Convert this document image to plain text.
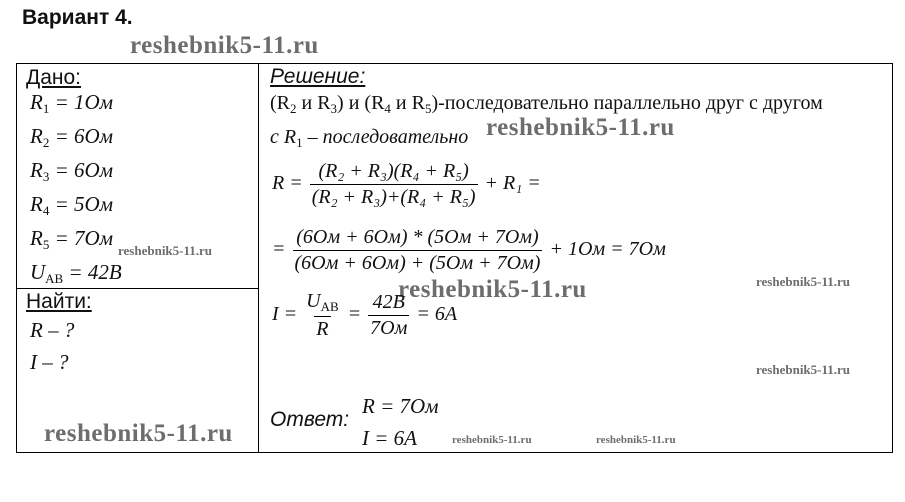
Вариант 4.
reshebnik5-11.ru
reshebnik5-11.ru
reshebnik5-11.ru
reshebnik5-11.ru
reshebnik5-11.ru
reshebnik5-11.ru
reshebnik5-11.ru
reshebnik5-11.ru	reshebnik5-11.ru
Дано:
$R_1 = 1Ом$
$R_2 = 6Ом$
$R_3 = 6Ом$
$R_4 = 5Ом$
$R_5 = 7Ом$
$U_{AB} = 42B$
Найти:
R – ?
I – ?
Решение:
($R_2$ и $R_3$) и ($R_4$ и $R_5$)-последовательно параллельно друг с другом
с $R_1$ – последовательно
$R = \frac{\text{(R₂ + R₃)(R₄ + R₅)}}{\text{(R₂ + R₃)+(R₄ + R₅)}} + R_1$ =
= $\frac{(6Ом + 6Ом) * (5Ом + 7Ом)}{(6Ом + 6Ом) + (5Ом + 7Ом)} + 1Ом = 7Ом$
$I = \frac{U_{AB}}{R} = \frac{42B}{7Ом} = 6A$
Ответ:
R = 7Ом
I = 6A
